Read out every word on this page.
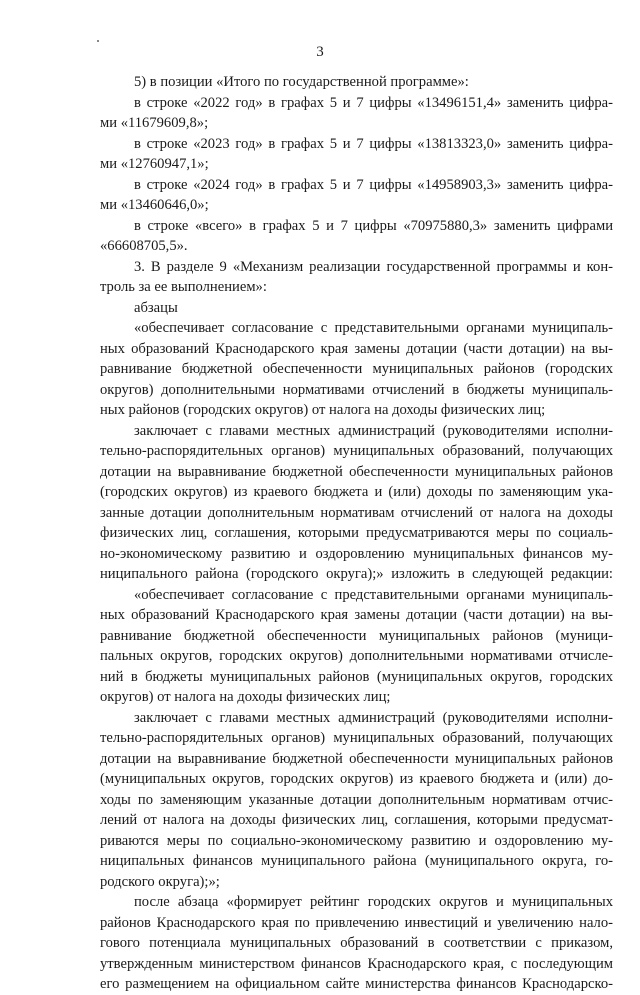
3
5) в позиции «Итого по государственной программе»:
в строке «2022 год» в графах 5 и 7 цифры «13496151,4» заменить цифра-
ми «11679609,8»;
в строке «2023 год» в графах 5 и 7 цифры «13813323,0» заменить цифра-
ми «12760947,1»;
в строке «2024 год» в графах 5 и 7 цифры «14958903,3» заменить цифра-
ми «13460646,0»;
в строке «всего» в графах 5 и 7 цифры «70975880,3» заменить цифрами
«66608705,5».
3. В разделе 9 «Механизм реализации государственной программы и кон-
троль за ее выполнением»:
абзацы
«обеспечивает согласование с представительными органами муниципаль-
ных образований Краснодарского края замены дотации (части дотации) на вы-
равнивание бюджетной обеспеченности муниципальных районов (городских
округов) дополнительными нормативами отчислений в бюджеты муниципаль-
ных районов (городских округов) от налога на доходы физических лиц;
заключает с главами местных администраций (руководителями исполни-
тельно-распорядительных органов) муниципальных образований, получающих
дотации на выравнивание бюджетной обеспеченности муниципальных районов
(городских округов) из краевого бюджета и (или) доходы по заменяющим ука-
занные дотации дополнительным нормативам отчислений от налога на доходы
физических лиц, соглашения, которыми предусматриваются меры по социаль-
но-экономическому развитию и оздоровлению муниципальных финансов му-
ниципального района (городского округа);» изложить в следующей редакции:
«обеспечивает согласование с представительными органами муниципаль-
ных образований Краснодарского края замены дотации (части дотации) на вы-
равнивание бюджетной обеспеченности муниципальных районов (муници-
пальных округов, городских округов) дополнительными нормативами отчисле-
ний в бюджеты муниципальных районов (муниципальных округов, городских
округов) от налога на доходы физических лиц;
заключает с главами местных администраций (руководителями исполни-
тельно-распорядительных органов) муниципальных образований, получающих
дотации на выравнивание бюджетной обеспеченности муниципальных районов
(муниципальных округов, городских округов) из краевого бюджета и (или) до-
ходы по заменяющим указанные дотации дополнительным нормативам отчис-
лений от налога на доходы физических лиц, соглашения, которыми предусмат-
риваются меры по социально-экономическому развитию и оздоровлению му-
ниципальных финансов муниципального района (муниципального округа, го-
родского округа);»;
после абзаца «формирует рейтинг городских округов и муниципальных
районов Краснодарского края по привлечению инвестиций и увеличению нало-
гового потенциала муниципальных образований в соответствии с приказом,
утвержденным министерством финансов Краснодарского края, с последующим
его размещением на официальном сайте министерства финансов Краснодарско-
